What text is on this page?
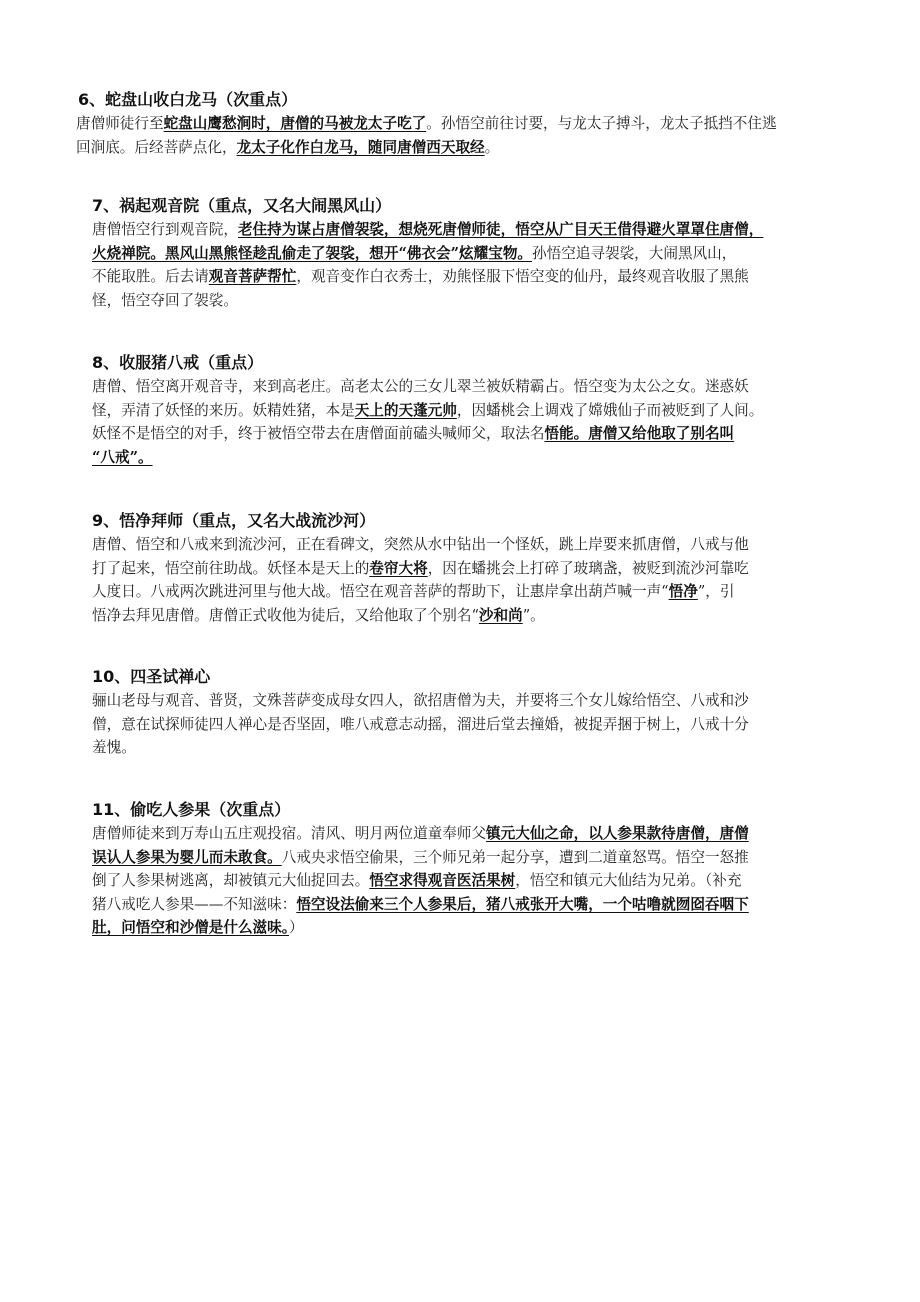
6、蛇盘山收白龙马（次重点）
唐僧师徒行至蛇盘山鹰愁涧时，唐僧的马被龙太子吃了。孙悟空前往讨要，与龙太子搏斗，龙太子抵挡不住逃
回涧底。后经菩萨点化，龙太子化作白龙马，随同唐僧西天取经。
7、祸起观音院（重点，又名大闹黑风山）
唐僧悟空行到观音院，老住持为谋占唐僧袈裟，想烧死唐僧师徒，悟空从广目天王借得避火罩罩住唐僧，
火烧禅院。黑风山黑熊怪趁乱偷走了袈裟，想开“佛衣会”炫耀宝物。孙悟空追寻袈裟，大闹黑风山，
不能取胜。后去请观音菩萨帮忙，观音变作白衣秀士，劝熊怪服下悟空变的仙丹，最终观音收服了黑熊
怪，悟空夺回了袈裟。
8、收服猪八戒（重点）
唐僧、悟空离开观音寺，来到高老庄。高老太公的三女儿翠兰被妖精霸占。悟空变为太公之女。迷惑妖
怪，弄清了妖怪的来历。妖精姓猪，本是天上的天蓬元帅，因蟠桃会上调戏了嫦娥仙子而被贬到了人间。
妖怪不是悟空的对手，终于被悟空带去在唐僧面前磕头喊师父，取法名悟能。唐僧又给他取了别名叫
“八戒”。
9、悟净拜师（重点，又名大战流沙河）
唐僧、悟空和八戒来到流沙河，正在看碑文，突然从水中钻出一个怪妖，跳上岸要来抓唐僧，八戒与他
打了起来，悟空前往助战。妖怪本是天上的卷帘大将，因在蟠挑会上打碎了玻璃盏，被贬到流沙河靠吃
人度日。八戒两次跳进河里与他大战。悟空在观音菩萨的帮助下，让惠岸拿出葫芦喊一声“悟净”，引
悟净去拜见唐僧。唐僧正式收他为徒后，又给他取了个别名“沙和尚”。
10、四圣试禅心
骊山老母与观音、普贤，文殊菩萨变成母女四人，欲招唐僧为夫，并要将三个女儿嫁给悟空、八戒和沙
僧，意在试探师徒四人禅心是否坚固，唯八戒意志动摇，溜进后堂去撞婚，被捉弄捆于树上，八戒十分
羞愧。
11、偷吃人参果（次重点）
唐僧师徒来到万寿山五庄观投宿。清风、明月两位道童奉师父镇元大仙之命，以人参果款待唐僧，唐僧
误认人参果为婴儿而未敢食。八戒央求悟空偷果，三个师兄弟一起分享，遭到二道童怒骂。悟空一怒推
倒了人参果树逃离，却被镇元大仙捉回去。悟空求得观音医活果树，悟空和镇元大仙结为兄弟。（补充
猪八戒吃人参果——不知滋味：悟空设法偷来三个人参果后，猪八戒张开大嘴，一个咕噜就囫囵吞咽下
肚，问悟空和沙僧是什么滋味。）
